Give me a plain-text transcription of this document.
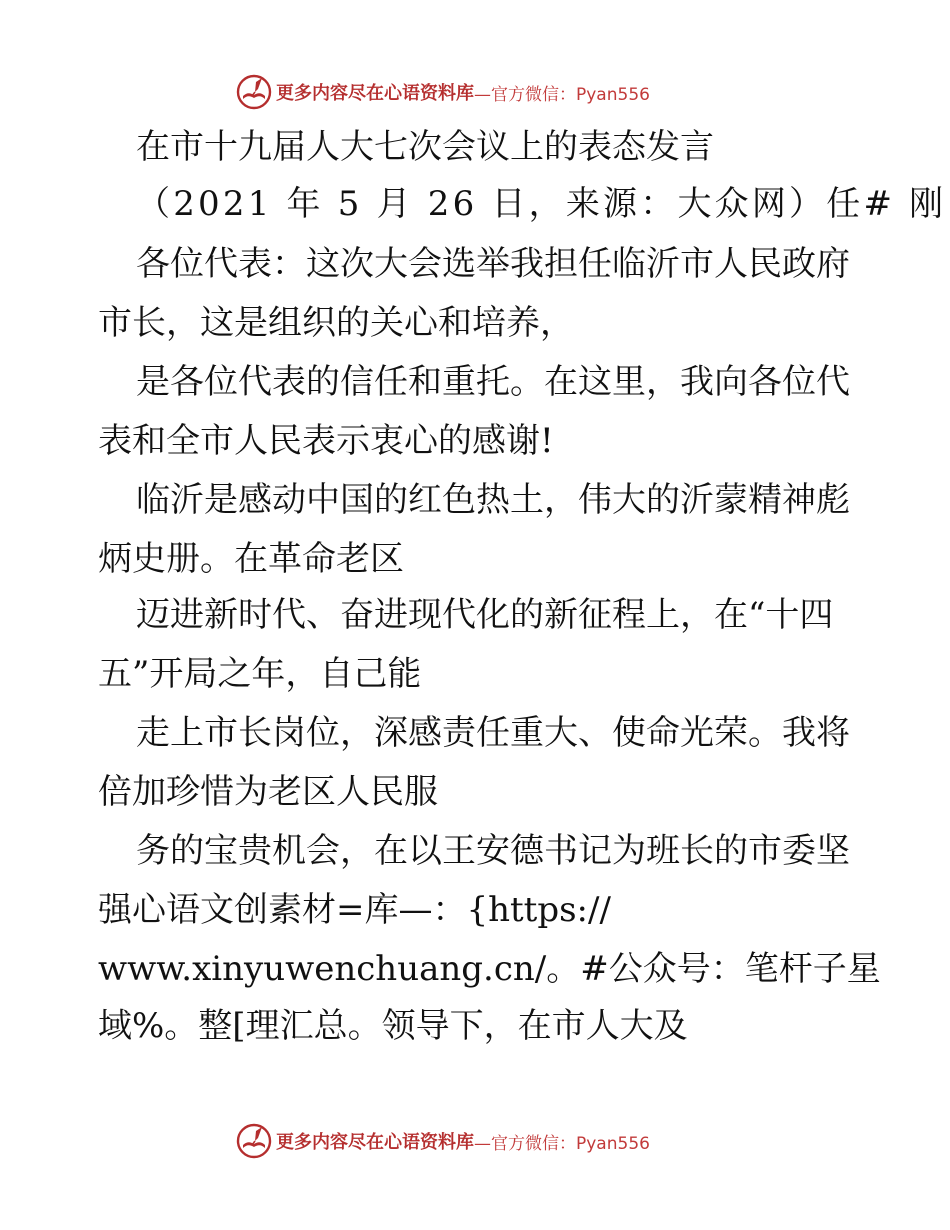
更多内容尽在心语资料库 —官方微信：Pyan556
在市十九届人大七次会议上的表态发言
（2021 年 5 月 26 日，来源：大众网）任# 刚
各位代表：这次大会选举我担任临沂市人民政府
市长，这是组织的关心和培养，
是各位代表的信任和重托。在这里，我向各位代
表和全市人民表示衷心的感谢!
临沂是感动中国的红色热土，伟大的沂蒙精神彪
炳史册。在革命老区
迈进新时代、奋进现代化的新征程上，在“十四
五”开局之年，自己能
走上市长岗位，深感责任重大、使命光荣。我将
倍加珍惜为老区人民服
务的宝贵机会，在以王安德书记为班长的市委坚
强心语文创素材=库—：{https://
www.xinyuwenchuang.cn/。#公众号：笔杆子星
域%。整[理汇总。领导下，在市人大及
更多内容尽在心语资料库 —官方微信：Pyan556
